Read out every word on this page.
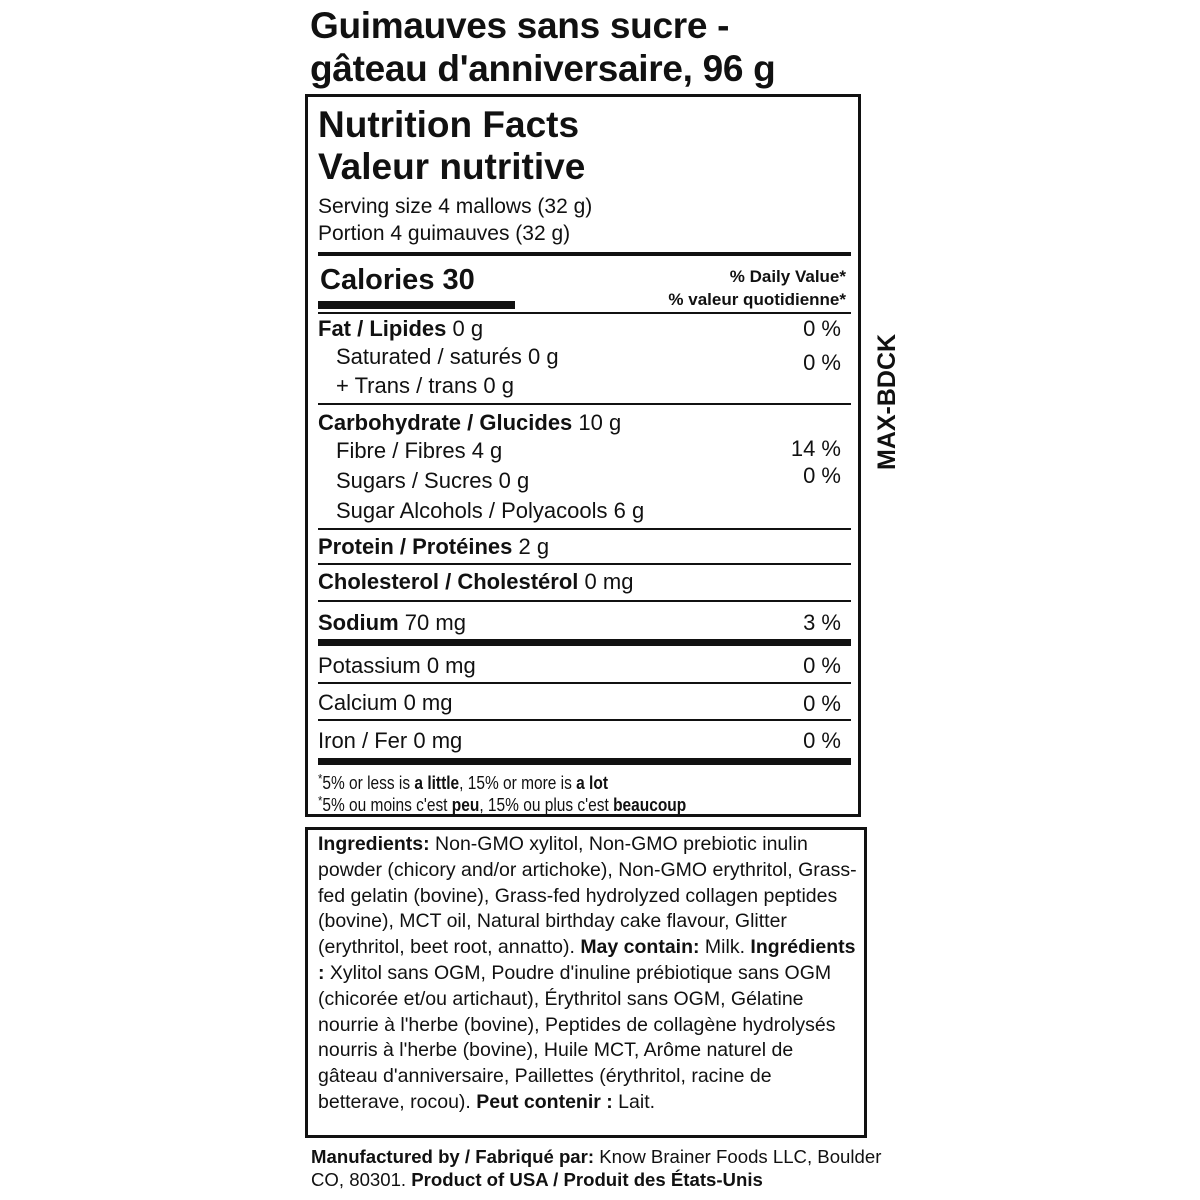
Guimauves sans sucre -
gâteau d'anniversaire, 96 g
Nutrition Facts
Valeur nutritive
Serving size 4 mallows (32 g)
Portion 4 guimauves (32 g)
Calories 30	% Daily Value*
% valeur quotidienne*
Fat / Lipides 0 g	0 %
Saturated / saturés 0 g	0 %
+ Trans / trans 0 g
Carbohydrate / Glucides 10 g
Fibre / Fibres 4 g	14 %
Sugars / Sucres 0 g	0 %
Sugar Alcohols / Polyacools 6 g
Protein / Protéines 2 g
Cholesterol / Cholestérol 0 mg
Sodium 70 mg	3 %
Potassium 0 mg	0 %
Calcium 0 mg	0 %
Iron / Fer 0 mg	0 %
*5% or less is a little, 15% or more is a lot
*5% ou moins c'est peu, 15% ou plus c'est beaucoup
MAX-BDCK
Ingredients: Non-GMO xylitol, Non-GMO prebiotic inulin powder (chicory and/or artichoke), Non-GMO erythritol, Grass-fed gelatin (bovine), Grass-fed hydrolyzed collagen peptides (bovine), MCT oil, Natural birthday cake flavour, Glitter (erythritol, beet root, annatto). May contain: Milk. Ingrédients : Xylitol sans OGM, Poudre d'inuline prébiotique sans OGM (chicorée et/ou artichaut), Érythritol sans OGM, Gélatine nourrie à l'herbe (bovine), Peptides de collagène hydrolysés nourris à l'herbe (bovine), Huile MCT, Arôme naturel de gâteau d'anniversaire, Paillettes (érythritol, racine de betterave, rocou). Peut contenir : Lait.
Manufactured by / Fabriqué par: Know Brainer Foods LLC, Boulder CO, 80301. Product of USA / Produit des États-Unis
